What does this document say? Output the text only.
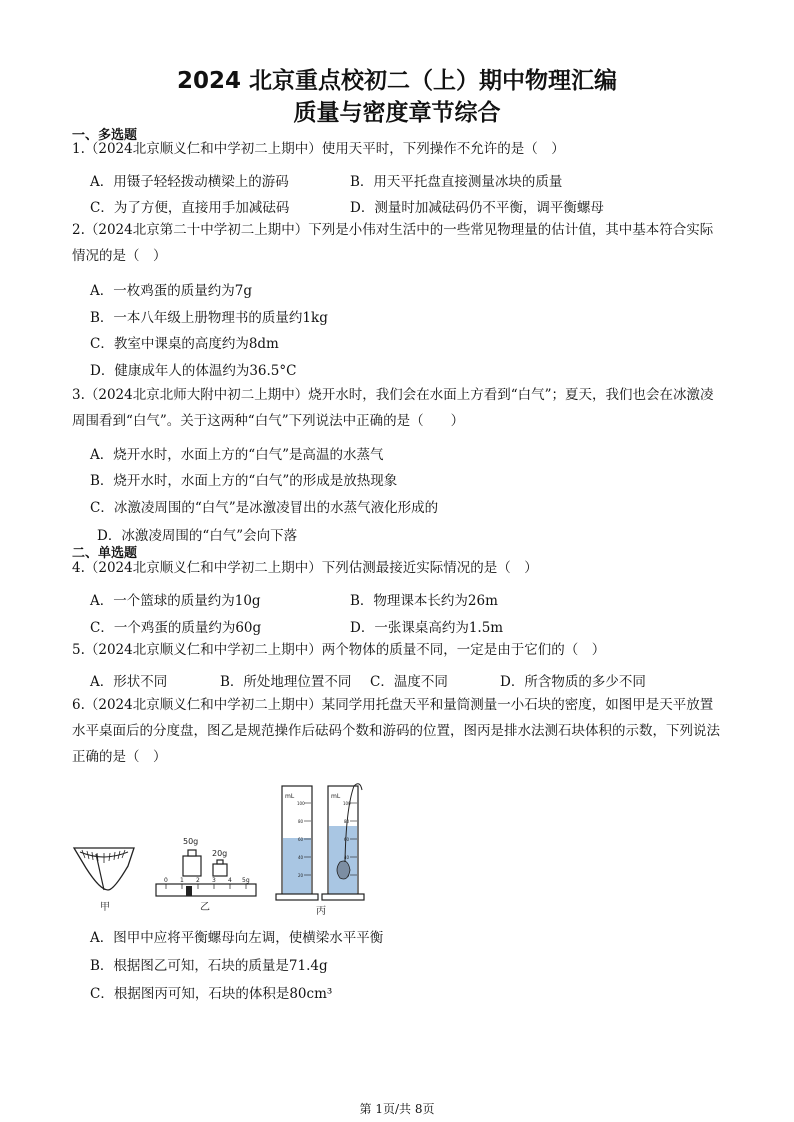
2024 北京重点校初二（上）期中物理汇编
质量与密度章节综合
一、多选题
1.（2024北京顺义仁和中学初二上期中）使用天平时，下列操作不允许的是（　）
A．用镊子轻轻拨动横梁上的游码	B．用天平托盘直接测量冰块的质量
C．为了方便，直接用手加减砝码	D．测量时加减砝码仍不平衡，调平衡螺母
2.（2024北京第二十中学初二上期中）下列是小伟对生活中的一些常见物理量的估计值，其中基本符合实际情况的是（　）
A．一枚鸡蛋的质量约为7g
B．一本八年级上册物理书的质量约1kg
C．教室中课桌的高度约为8dm
D．健康成年人的体温约为36.5°C
3.（2024北京北师大附中初二上期中）烧开水时，我们会在水面上方看到“白气”；夏天，我们也会在冰激凌周围看到“白气”。关于这两种“白气”下列说法中正确的是（　　）
A．烧开水时，水面上方的“白气”是高温的水蒸气
B．烧开水时，水面上方的“白气”的形成是放热现象
C．冰激凌周围的“白气”是冰激凌冒出的水蒸气液化形成的
D．冰激凌周围的“白气”会向下落
二、单选题
4.（2024北京顺义仁和中学初二上期中）下列估测最接近实际情况的是（　）
A．一个篮球的质量约为10g	B．物理课本长约为26m
C．一个鸡蛋的质量约为60g	D．一张课桌高约为1.5m
5.（2024北京顺义仁和中学初二上期中）两个物体的质量不同，一定是由于它们的（　）
A．形状不同	B．所处地理位置不同 C．温度不同	D．所含物质的多少不同
6.（2024北京顺义仁和中学初二上期中）某同学用托盘天平和量筒测量一小石块的密度，如图甲是天平放置水平桌面后的分度盘，图乙是规范操作后砝码个数和游码的位置，图丙是排水法测石块体积的示数，下列说法正确的是（　）
甲
50g
20g
0 1 2 3 4 5g
乙
mL
100
80
60
40
20
mL
100
80
60
40
丙
A．图甲中应将平衡螺母向左调，使横梁水平平衡
B．根据图乙可知，石块的质量是71.4g
C．根据图丙可知，石块的体积是80cm³
第 1页/共 8页
